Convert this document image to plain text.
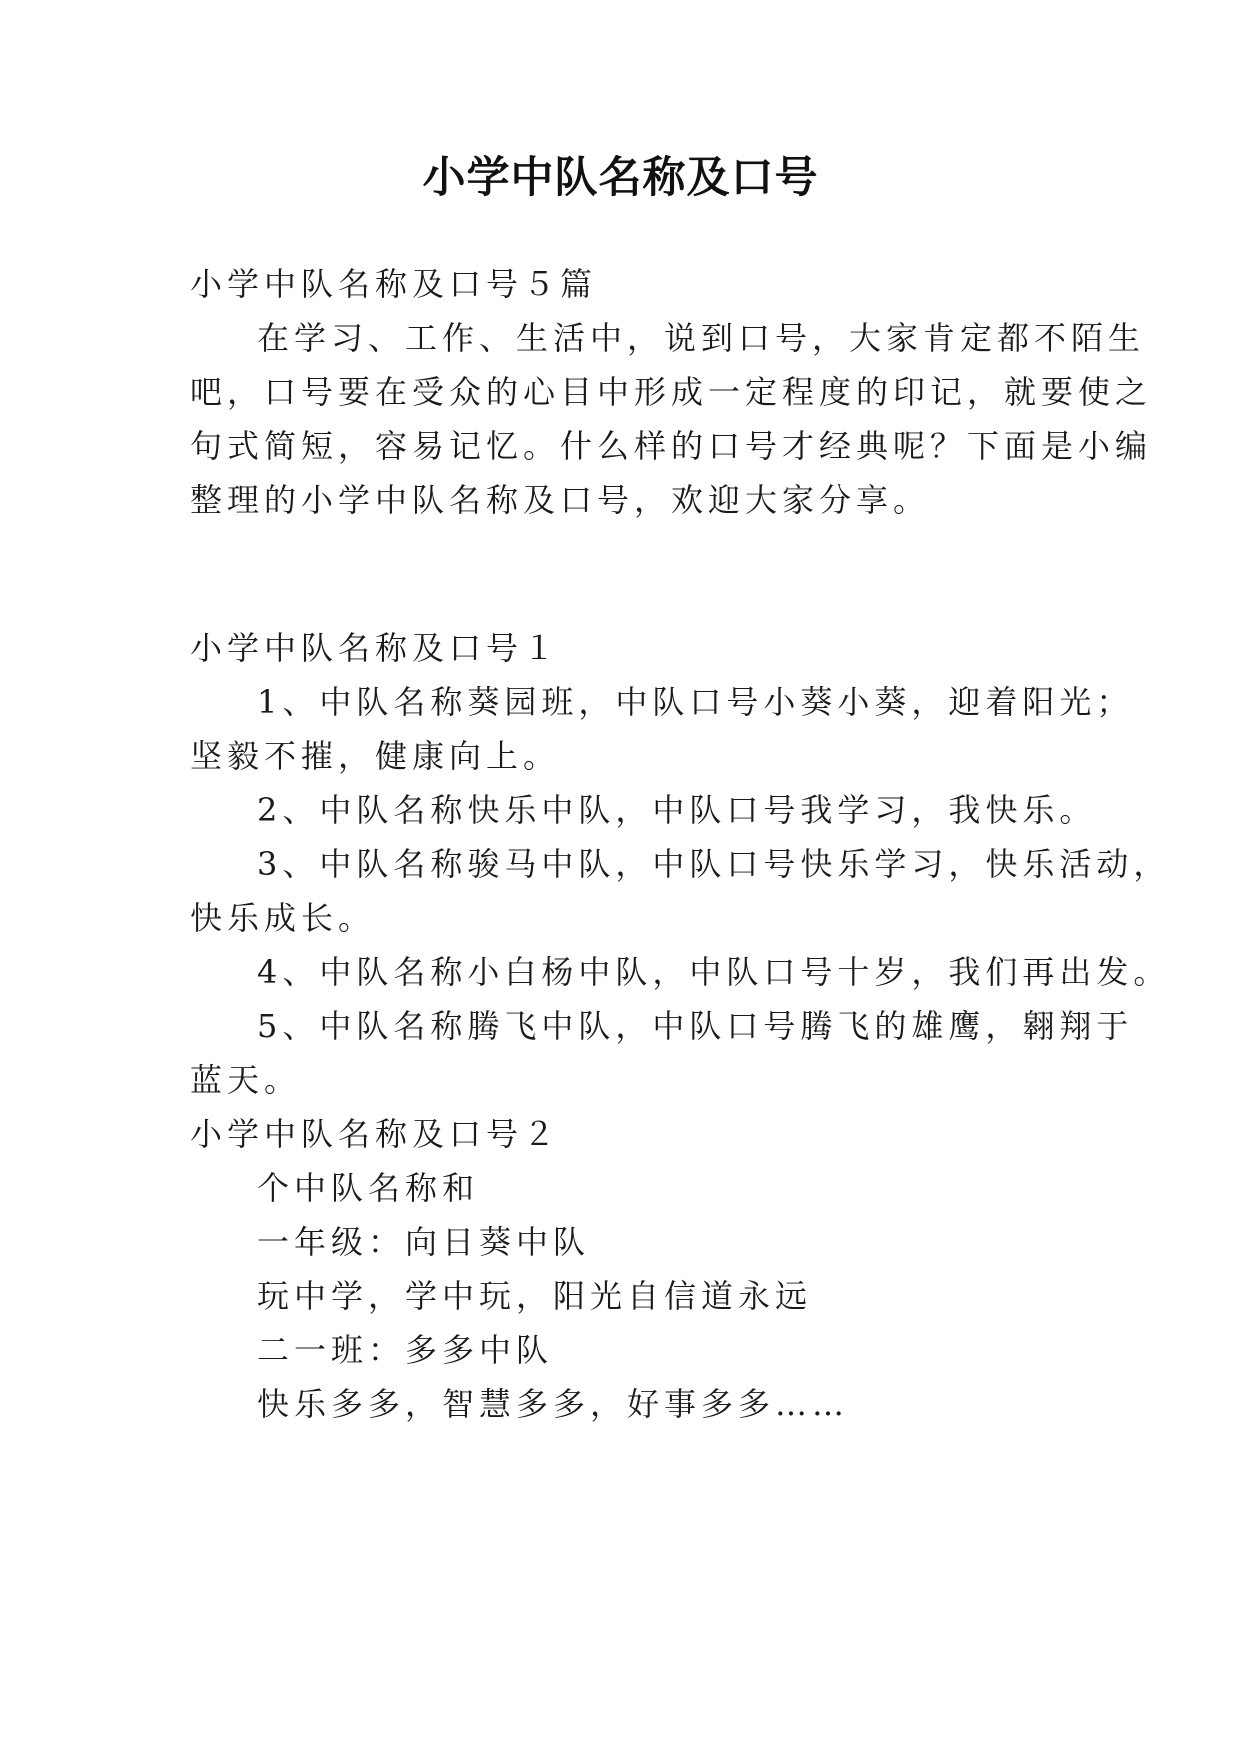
小学中队名称及口号
小学中队名称及口号５篇
在学习、工作、生活中，说到口号，大家肯定都不陌生
吧，口号要在受众的心目中形成一定程度的印记，就要使之
句式简短，容易记忆。什么样的口号才经典呢？下面是小编
整理的小学中队名称及口号，欢迎大家分享。
小学中队名称及口号１
1、中队名称葵园班，中队口号小葵小葵，迎着阳光；
坚毅不摧，健康向上。
2、中队名称快乐中队，中队口号我学习，我快乐。
3、中队名称骏马中队，中队口号快乐学习，快乐活动，
快乐成长。
4、中队名称小白杨中队，中队口号十岁，我们再出发。
5、中队名称腾飞中队，中队口号腾飞的雄鹰，翱翔于
蓝天。
小学中队名称及口号２
个中队名称和
一年级：向日葵中队
玩中学，学中玩，阳光自信道永远
二一班：多多中队
快乐多多，智慧多多，好事多多……
